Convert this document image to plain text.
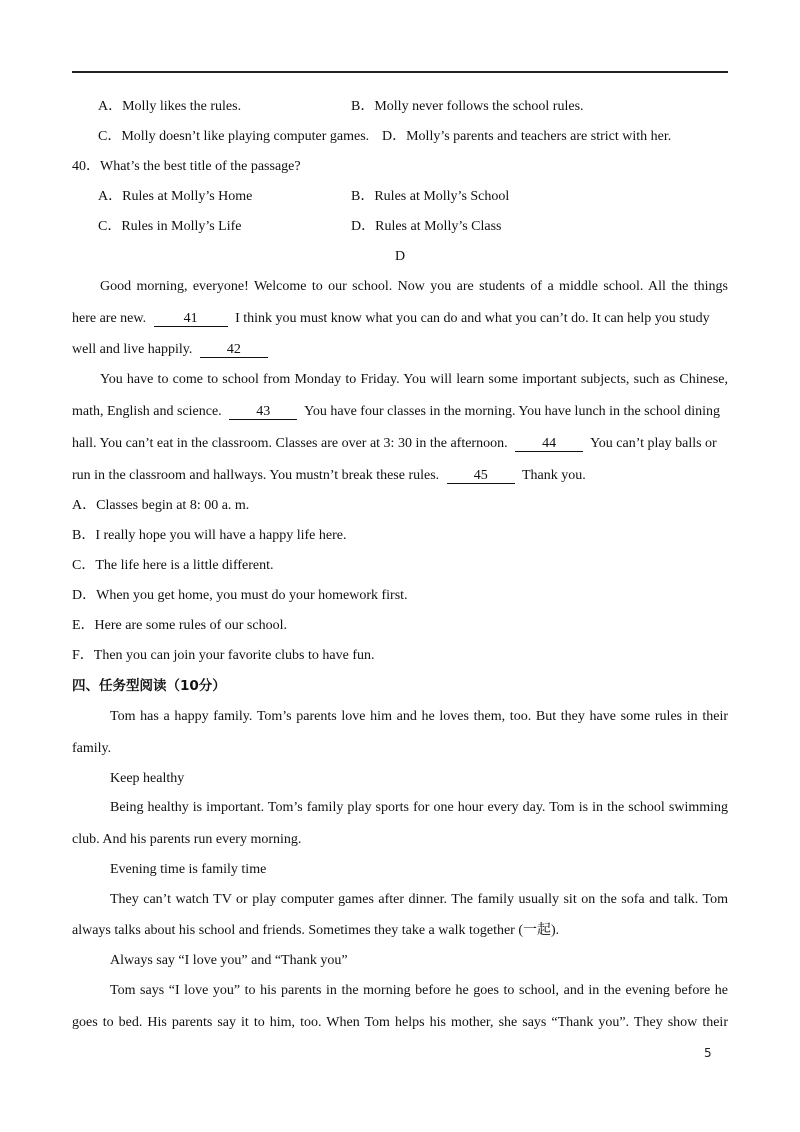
A．Molly likes the rules.	B．Molly never follows the school rules.
C．Molly doesn’t like playing computer games. D．Molly’s parents and teachers are strict with her.
40．What’s the best title of the passage?
A．Rules at Molly’s Home	B．Rules at Molly’s School
C．Rules in Molly’s Life	D．Rules at Molly’s Class
D
Good morning, everyone! Welcome to our school. Now you are students of a middle school. All the things
here are new.	41	I think you must know what you can do and what you can’t do. It can help you study
well and live happily. 42
You have to come to school from Monday to Friday. You will learn some important subjects, such as Chinese,
math, English and science. 43 You have four classes in the morning. You have lunch in the school dining
hall. You can’t eat in the classroom. Classes are over at 3: 30 in the afternoon. 44 You can’t play balls or
run in the classroom and hallways. You mustn’t break these rules. 45 Thank you.
A．Classes begin at 8: 00 a. m.
B．I really hope you will have a happy life here.
C．The life here is a little different.
D．When you get home, you must do your homework first.
E．Here are some rules of our school.
F．Then you can join your favorite clubs to have fun.
四、任务型阅读（10分）
Tom has a happy family. Tom’s parents love him and he loves them, too. But they have some rules in their
family.
Keep healthy
Being healthy is important. Tom’s family play sports for one hour every day. Tom is in the school swimming
club. And his parents run every morning.
Evening time is family time
They can’t watch TV or play computer games after dinner. The family usually sit on the sofa and talk. Tom
always talks about his school and friends. Sometimes they take a walk together (一起).
Always say “I love you” and “Thank you”
Tom says “I love you” to his parents in the morning before he goes to school, and in the evening before he
goes to bed. His parents say it to him, too. When Tom helps his mother, she says “Thank you”. They show their
5
